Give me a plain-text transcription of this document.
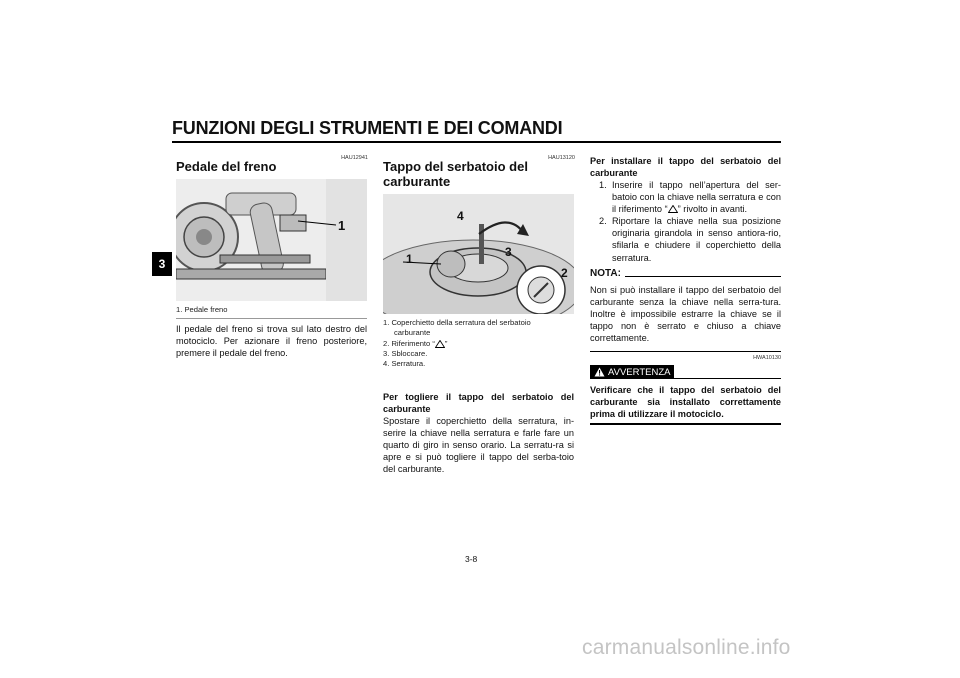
FUNZIONI DEGLI STRUMENTI E DEI COMANDI
3
HAU12941
Pedale del freno
1
1. Pedale freno
Il pedale del freno si trova sul lato destro del motociclo. Per azionare il freno posteriore, premere il pedale del freno.
HAU13120
Tappo del serbatoio del
carburante
4
1	3
2
1. Coperchietto della serratura del serbatoio
carburante
2. Riferimento “ ”
3. Sbloccare.
4. Serratura.
Per togliere il tappo del serbatoio del carburante
Spostare il coperchietto della serratura, in-serire la chiave nella serratura e farle fare un quarto di giro in senso orario. La serratu-ra si apre e si può togliere il tappo del serba-toio del carburante.
Per installare il tappo del serbatoio del carburante
1. Inserire il tappo nell’apertura del ser-batoio con la chiave nella serratura e con il riferimento “ ” rivolto in avanti.
2. Riportare la chiave nella sua posizione originaria girandola in senso antiora-rio, sfilarla e chiudere il coperchietto della serratura.
NOTA:
Non si può installare il tappo del serbatoio del carburante senza la chiave nella serra-tura. Inoltre è impossibile estrarre la chiave se il tappo non è serrato e chiuso a chiave correttamente.
HWA10130
AVVERTENZA
Verificare che il tappo del serbatoio del carburante sia installato correttamente prima di utilizzare il motociclo.
3-8
carmanualsonline.info
